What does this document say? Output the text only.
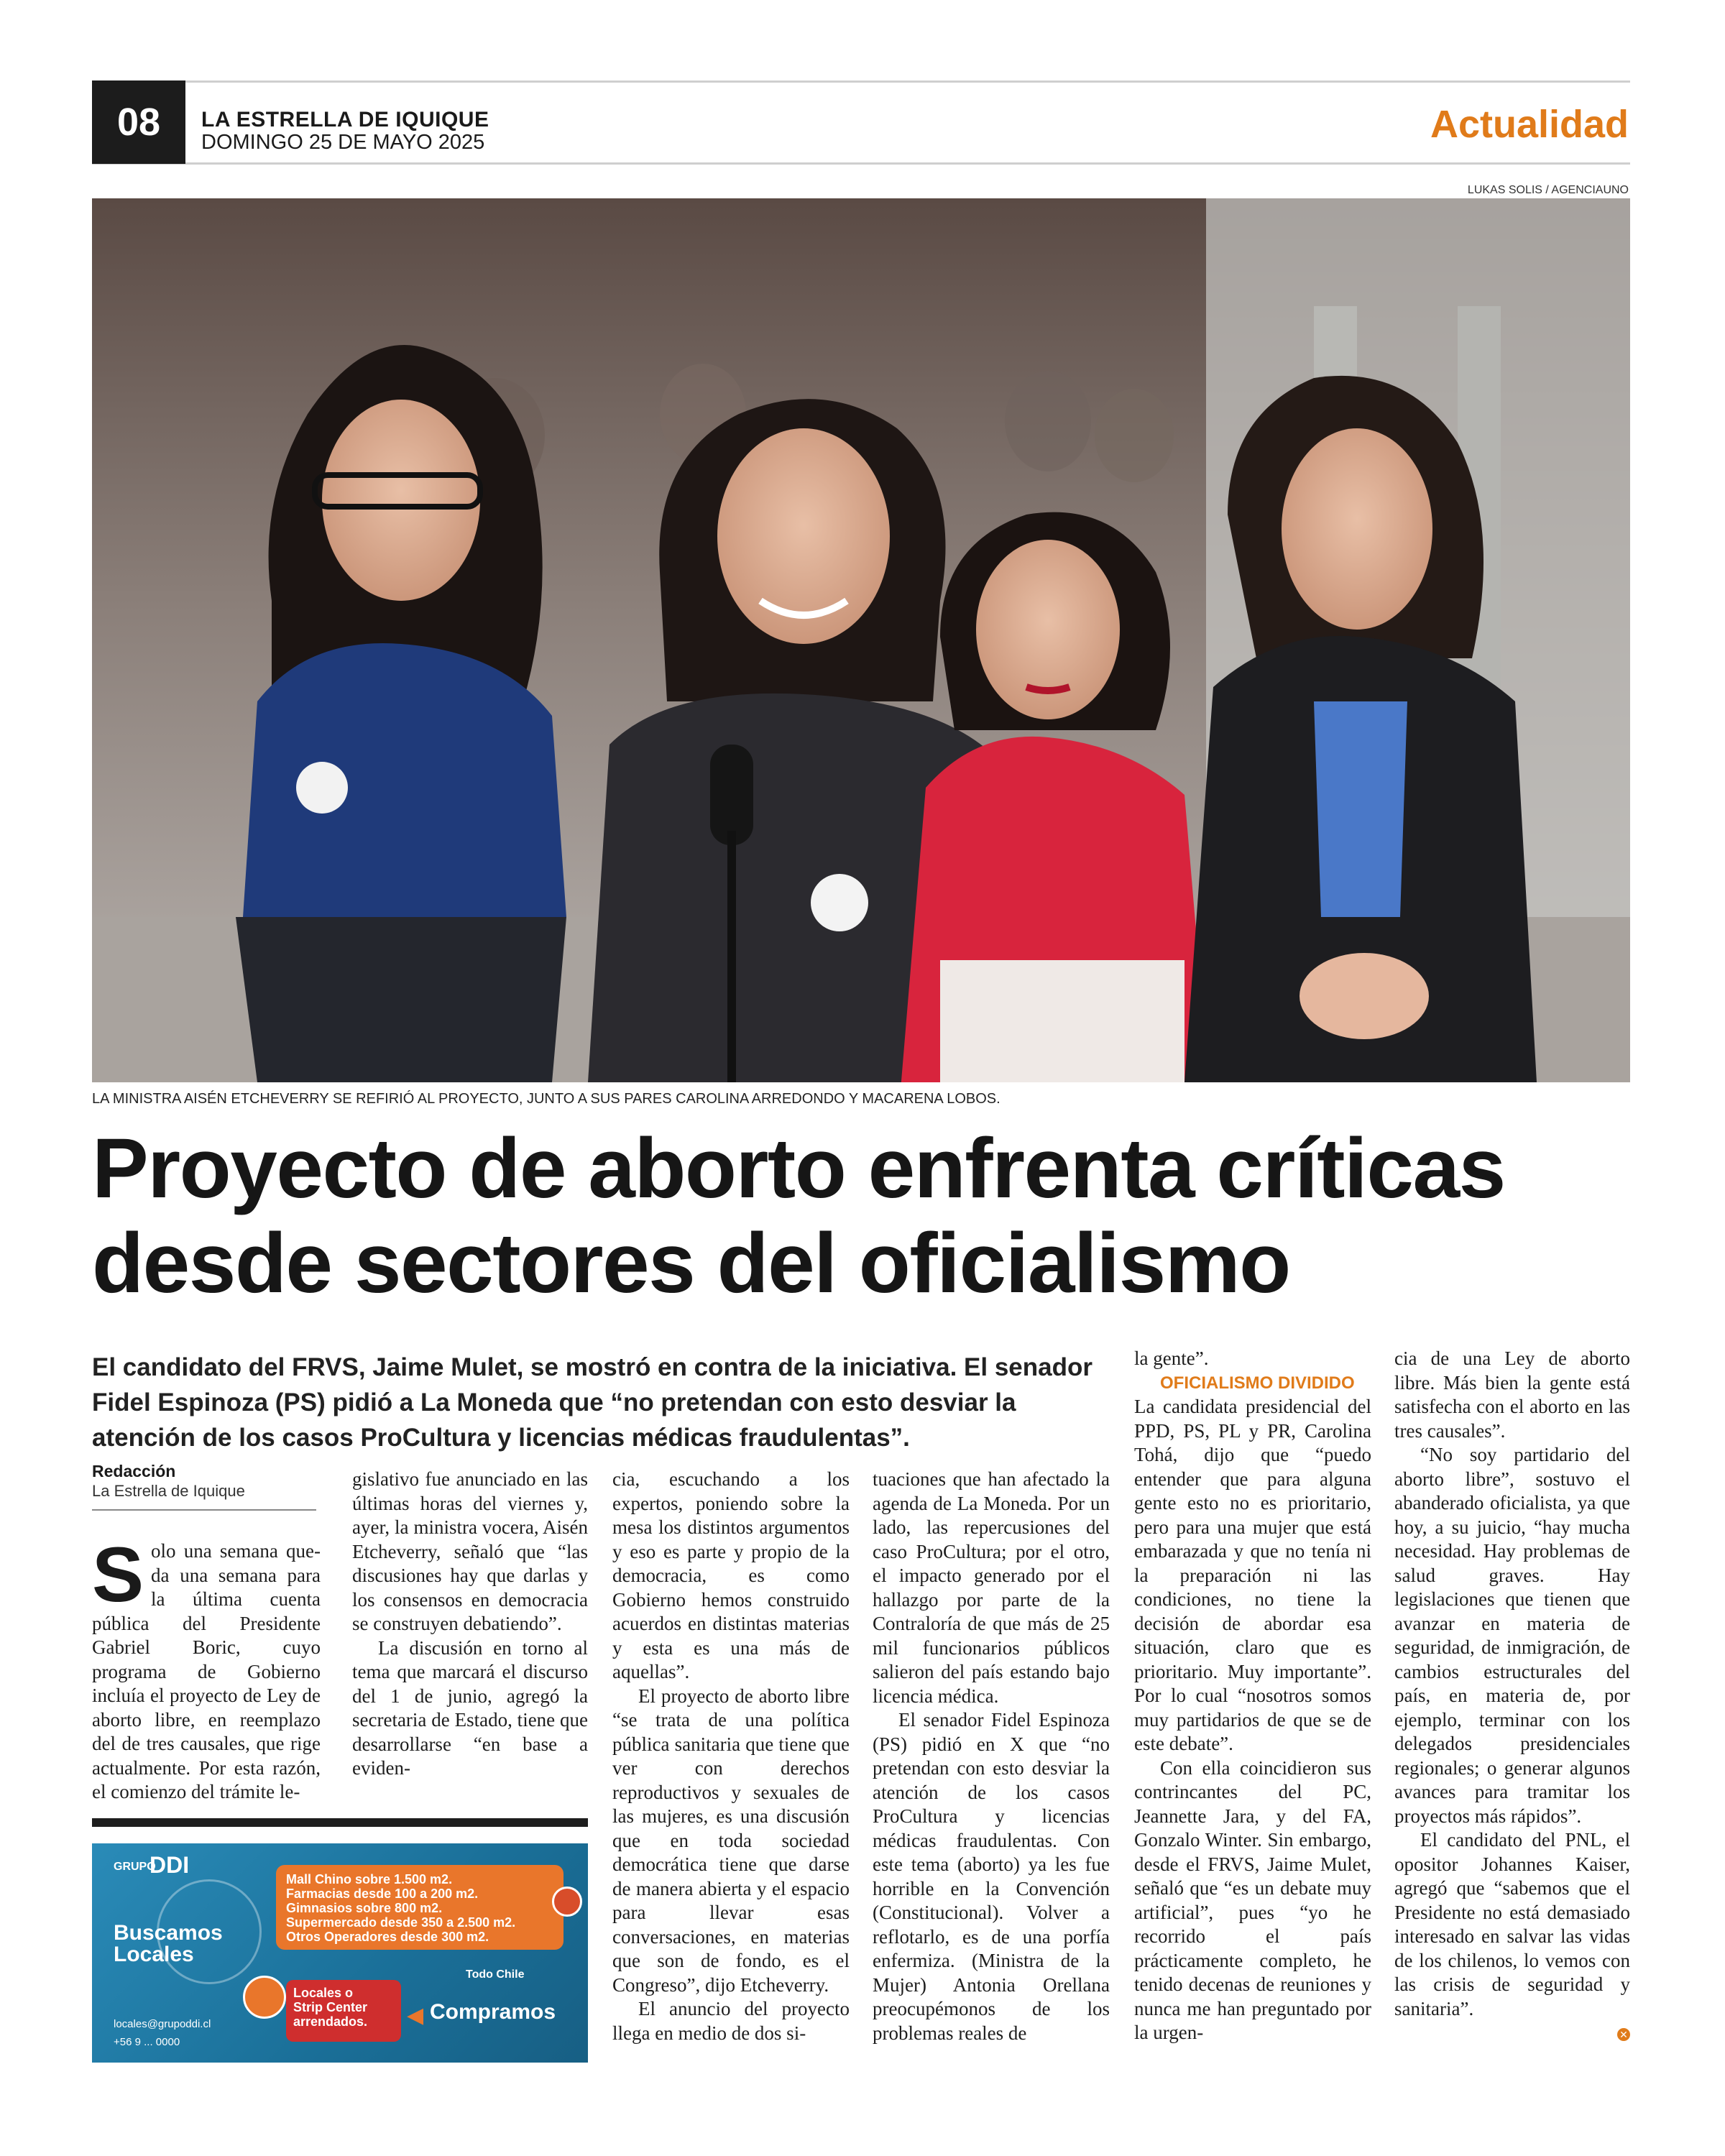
08	LA ESTRELLA DE IQUIQUE
DOMINGO 25 DE MAYO 2025	Actualidad
LUKAS SOLIS / AGENCIAUNO
LA MINISTRA AISÉN ETCHEVERRY SE REFIRIÓ AL PROYECTO, JUNTO A SUS PARES CAROLINA ARREDONDO Y MACARENA LOBOS.
Proyecto de aborto enfrenta críticas
desde sectores del oficialismo
El candidato del FRVS, Jaime Mulet, se mostró en contra de la iniciativa. El senador Fidel Espinoza (PS) pidió a La Moneda que “no pretendan con esto desviar la atención de los casos ProCultura y licencias médicas fraudulentas”.
Redacción
La Estrella de Iquique

Solo una semana que-da una semana para la última cuenta pública del Presidente Gabriel Boric, cuyo programa de Gobierno incluía el proyecto de Ley de aborto libre, en reemplazo del de tres causales, que rige actualmente. Por esta razón, el comienzo del trámite le-

gislativo fue anunciado en las últimas horas del viernes y, ayer, la ministra vocera, Aisén Etcheverry, señaló que “las discusiones hay que darlas y los consensos en democracia se construyen debatiendo”.

La discusión en torno al tema que marcará el discurso del 1 de junio, agregó la secretaria de Estado, tiene que desarrollarse “en base a eviden-

cia, escuchando a los expertos, poniendo sobre la mesa los distintos argumentos y eso es parte y propio de la democracia, es como Gobierno hemos construido acuerdos en distintas materias y esta es una más de aquellas”.

El proyecto de aborto libre “se trata de una política pública sanitaria que tiene que ver con derechos reproductivos y sexuales de las mujeres, es una discusión que en toda sociedad democrática tiene que darse de manera abierta y el espacio para llevar esas conversaciones, en materias que son de fondo, es el Congreso”, dijo Etcheverry.

El anuncio del proyecto llega en medio de dos si-

tuaciones que han afectado la agenda de La Moneda. Por un lado, las repercusiones del caso ProCultura; por el otro, el impacto generado por el hallazgo por parte de la Contraloría de que más de 25 mil funcionarios públicos salieron del país estando bajo licencia médica.

El senador Fidel Espinoza (PS) pidió en X que “no pretendan con esto desviar la atención de los casos ProCultura y licencias médicas fraudulentas. Con este tema (aborto) ya les fue horrible en la Convención (Constitucional). Volver a reflotarlo, es de una porfía enfermiza. (Ministra de la Mujer) Antonia Orellana preocupémonos de los problemas reales de

la gente”.

OFICIALISMO DIVIDIDO

La candidata presidencial del PPD, PS, PL y PR, Carolina Tohá, dijo que “puedo entender que para alguna gente esto no es prioritario, pero para una mujer que está embarazada y que no tenía ni la preparación ni las condiciones, no tiene la decisión de abordar esa situación, claro que es prioritario. Muy importante”. Por lo cual “nosotros somos muy partidarios de que se de este debate”.

Con ella coincidieron sus contrincantes del PC, Jeannette Jara, y del FA, Gonzalo Winter. Sin embargo, desde el FRVS, Jaime Mulet, señaló que “es un debate muy artificial”, pues “yo he recorrido el país prácticamente completo, he tenido decenas de reuniones y nunca me han preguntado por la urgen-

cia de una Ley de aborto libre. Más bien la gente está satisfecha con el aborto en las tres causales”.

“No soy partidario del aborto libre”, sostuvo el abanderado oficialista, ya que hoy, a su juicio, “hay mucha necesidad. Hay problemas de salud graves. Hay legislaciones que tienen que avanzar en materia de seguridad, de inmigración, de cambios estructurales del país, en materia de, por ejemplo, terminar con los delegados presidenciales regionales; o generar algunos avances para tramitar los proyectos más rápidos”.

El candidato del PNL, el opositor Johannes Kaiser, agregó que “sabemos que el Presidente no está demasiado interesado en salvar las vidas de los chilenos, lo vemos con las crisis de seguridad y sanitaria”.

✕
GRUPO
DDI
Buscamos
Locales
Mall Chino sobre 1.500 m2.
Farmacias desde 100 a 200 m2.
Gimnasios sobre 800 m2.
Supermercado desde 350 a 2.500 m2.
Otros Operadores desde 300 m2.
Todo Chile
Locales o
Strip Center
arrendados.	◀ Compramos
locales@grupoddi.cl
+56 9 ... 0000
